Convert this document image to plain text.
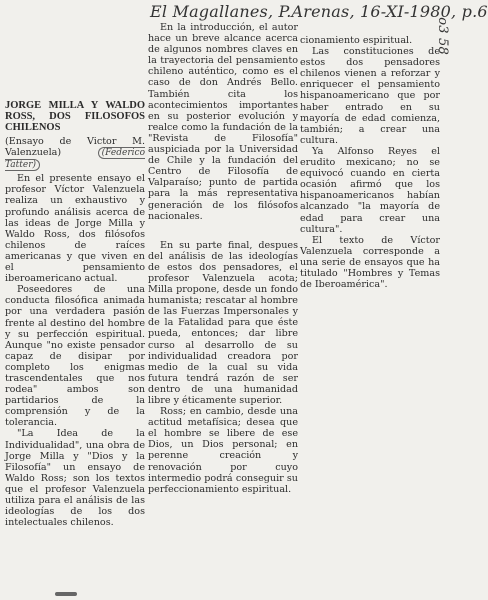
El Magallanes, P.Arenas, 16-XI-1980, p.6
o3 58
JORGE MILLA Y WALDO ROSS, DOS FILOSOFOS CHILENOS
(Ensayo de Victor M. Valenzuela)	(Federico Tatter)

En el presente ensayo el profesor Víctor Valenzuela realiza un exhaustivo y profundo análisis acerca de las ideas de Jorge Milla y Waldo Ross, dos filósofos chilenos de raíces americanas y que viven en el pensamiento iberoamericano actual.

Poseedores de una conducta filosófica animada por una verdadera pasión frente al destino del hombre y su perfección espiritual. Aunque "no existe pensador capaz de disipar por completo los enigmas trascendentales que nos rodea" ambos son partidarios de la comprensión y de la tolerancia.

"La Idea de la Individualidad", una obra de Jorge Milla y "Dios y la Filosofía" un ensayo de Waldo Ross; son los textos que el profesor Valenzuela utiliza para el análisis de las ideologías de los dos intelectuales chilenos.

En la introducción, el autor hace un breve alcance acerca de algunos nombres claves en la trayectoria del pensamiento chileno auténtico, como es el caso de don Andrés Bello. También cita los acontecimientos importantes en su posterior evolución y realce como la fundación de la "Revista de Filosofía" auspiciada por la Universidad de Chile y la fundación del Centro de Filosofía de Valparaíso; punto de partida para la más representativa generación de los filósofos nacionales.

En su parte final, despues del análisis de las ideologías de estos dos pensadores, el profesor Valenzuela acota; Milla propone, desde un fondo humanista; rescatar al hombre de las Fuerzas Impersonales y de la Fatalidad para que éste pueda, entonces; dar libre curso al desarrollo de su individualidad creadora por medio de la cual su vida futura tendrá razón de ser dentro de una humanidad libre y éticamente superior.

Ross; en cambio, desde una actitud metafísica; desea que el hombre se libere de ese Dios, un Dios personal; en perenne creación y renovación por cuyo intermedio podrá conseguir su perfeccionamiento espiritual.

cionamiento espiritual.

Las constituciones de estos dos pensadores chilenos vienen a reforzar y enriquecer el pensamiento hispanoamericano que por haber entrado en su mayoría de edad comienza, también; a crear una cultura.

Ya Alfonso Reyes el erudito mexicano; no se equivocó cuando en cierta ocasión afirmó que los hispanoamericanos habían alcanzado "la mayoría de edad para crear una cultura".

El texto de Víctor Valenzuela corresponde a una serie de ensayos que ha titulado "Hombres y Temas de Iberoamérica".
